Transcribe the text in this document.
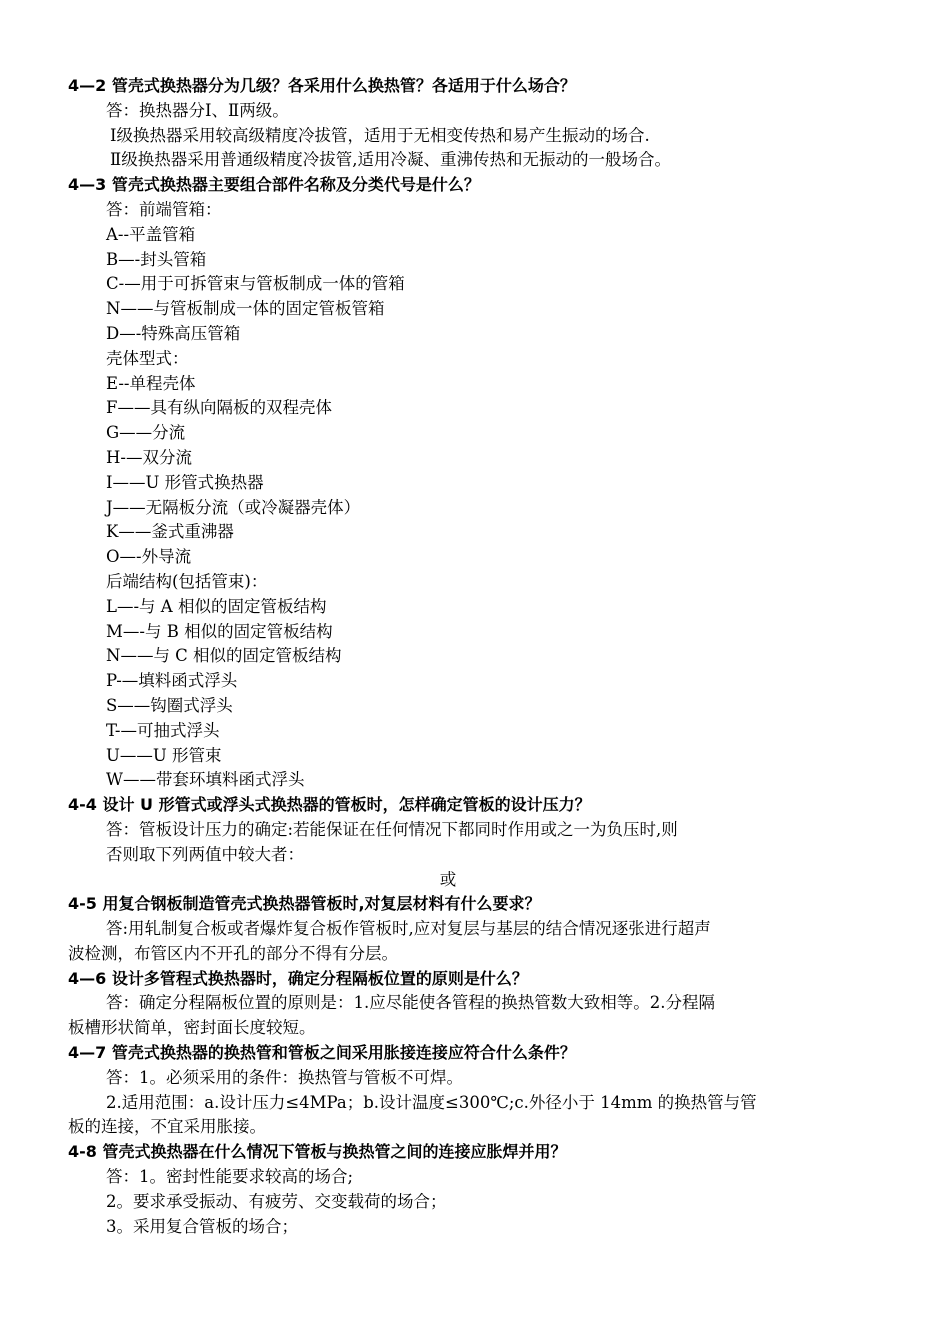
4—2 管壳式换热器分为几级？各采用什么换热管？各适用于什么场合？
答：换热器分Ⅰ、Ⅱ两级。
Ⅰ级换热器采用较高级精度冷拔管，适用于无相变传热和易产生振动的场合.
Ⅱ级换热器采用普通级精度冷拔管,适用冷凝、重沸传热和无振动的一般场合。
4—3 管壳式换热器主要组合部件名称及分类代号是什么？
答：前端管箱：
A--平盖管箱
B—-封头管箱
C-—用于可拆管束与管板制成一体的管箱
N——与管板制成一体的固定管板管箱
D—-特殊高压管箱
壳体型式：
E--单程壳体
F——具有纵向隔板的双程壳体
G——分流
H-—双分流
I——U 形管式换热器
J——无隔板分流（或冷凝器壳体）
K——釜式重沸器
O—-外导流
后端结构(包括管束)：
L—-与 A 相似的固定管板结构
M—-与 B 相似的固定管板结构
N——与 C 相似的固定管板结构
P-—填料函式浮头
S——钩圈式浮头
T-—可抽式浮头
U——U 形管束
W——带套环填料函式浮头
4-4 设计 U 形管式或浮头式换热器的管板时，怎样确定管板的设计压力？
答：管板设计压力的确定:若能保证在任何情况下都同时作用或之一为负压时,则
否则取下列两值中较大者：
或
4-5 用复合钢板制造管壳式换热器管板时,对复层材料有什么要求？
答:用轧制复合板或者爆炸复合板作管板时,应对复层与基层的结合情况逐张进行超声
波检测，布管区内不开孔的部分不得有分层。
4—6 设计多管程式换热器时，确定分程隔板位置的原则是什么？
答：确定分程隔板位置的原则是：1.应尽能使各管程的换热管数大致相等。2.分程隔
板槽形状简单，密封面长度较短。
4—7 管壳式换热器的换热管和管板之间采用胀接连接应符合什么条件？
答：1。必须采用的条件：换热管与管板不可焊。
2.适用范围：a.设计压力≤4MPa；b.设计温度≤300℃;c.外径小于 14mm 的换热管与管
板的连接，不宜采用胀接。
4-8 管壳式换热器在什么情况下管板与换热管之间的连接应胀焊并用？
答：1。密封性能要求较高的场合;
2。要求承受振动、有疲劳、交变载荷的场合；
3。采用复合管板的场合；
